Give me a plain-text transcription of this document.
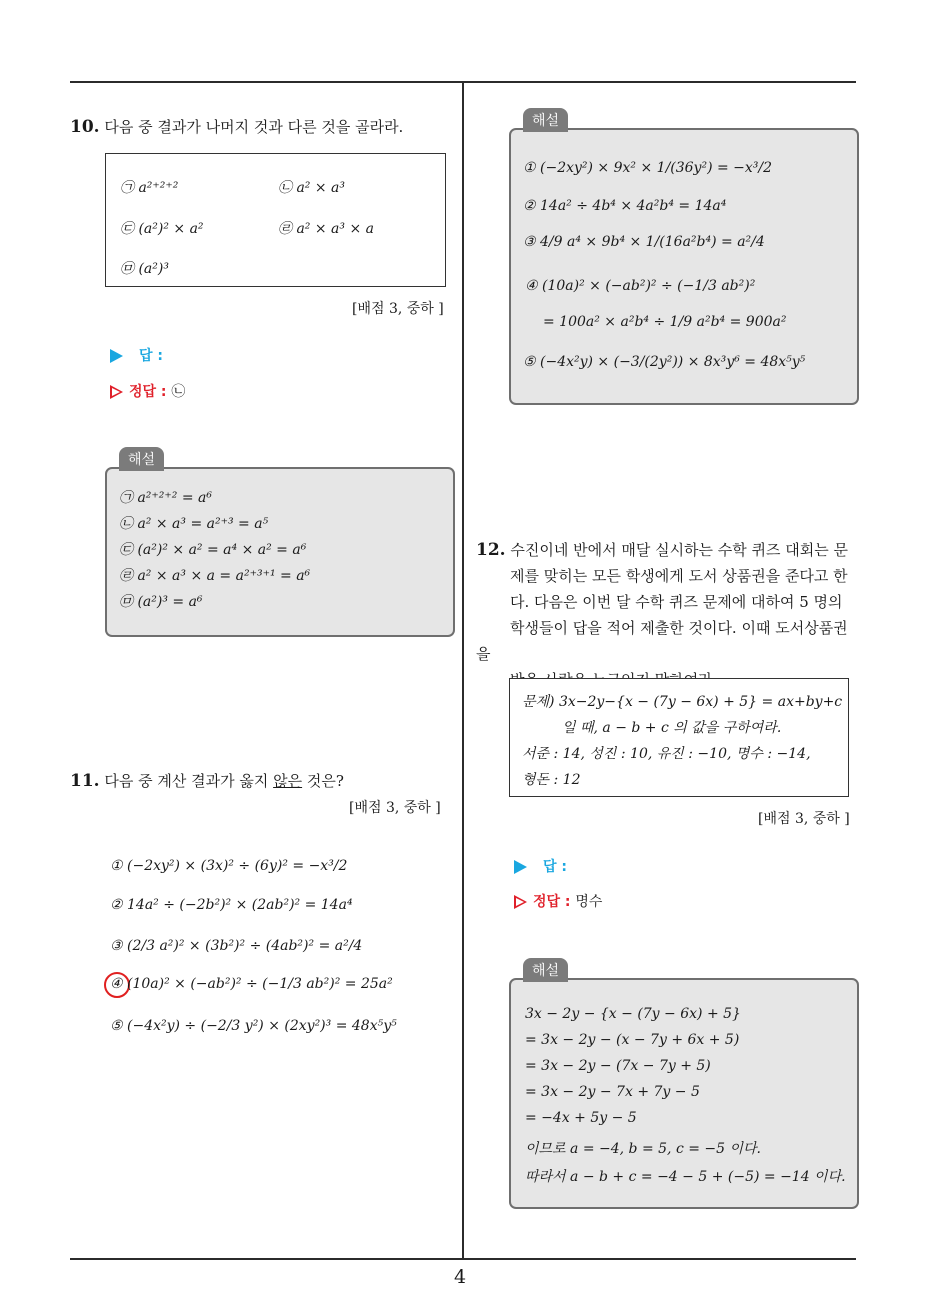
4
10. 다음 중 결과가 나머지 것과 다른 것을 골라라.
㉠ a²⁺²⁺²	㉡ a² × a³
㉢ (a²)² × a²	㉣ a² × a³ × a
㉤ (a²)³
[배점 3, 중하 ]
답 :
정답 : ㉡
해설
㉠ a²⁺²⁺² = a⁶
㉡ a² × a³ = a²⁺³ = a⁵
㉢ (a²)² × a² = a⁴ × a² = a⁶
㉣ a² × a³ × a = a²⁺³⁺¹ = a⁶
㉤ (a²)³ = a⁶
11. 다음 중 계산 결과가 옳지 않은 것은?
[배점 3, 중하 ]
① (−2xy²) × (3x)² ÷ (6y)² = −x³/2
② 14a² ÷ (−2b²)² × (2ab²)² = 14a⁴
③ (2/3 a²)² × (3b²)² ÷ (4ab²)² = a²/4
④ (10a)² × (−ab²)² ÷ (−1/3 ab²)² = 25a²
⑤ (−4x²y) ÷ (−2/3 y²) × (2xy²)³ = 48x⁵y⁵
해설
① (−2xy²) × 9x² × 1/(36y²) = −x³/2
② 14a² ÷ 4b⁴ × 4a²b⁴ = 14a⁴
③ 4/9 a⁴ × 9b⁴ × 1/(16a²b⁴) = a²/4
④ (10a)² × (−ab²)² ÷ (−1/3 ab²)²
= 100a² × a²b⁴ ÷ 1/9 a²b⁴ = 900a²
⑤ (−4x²y) × (−3/(2y²)) × 8x³y⁶ = 48x⁵y⁵
12. 수진이네 반에서 매달 실시하는 수학 퀴즈 대회는 문
제를 맞히는 모든 학생에게 도서 상품권을 준다고 한
다. 다음은 이번 달 수학 퀴즈 문제에 대하여 5 명의
학생들이 답을 적어 제출한 것이다. 이때 도서상품권을

문제) 3x−2y−{x − (7y − 6x) + 5} = ax+by+c
일 때, a − b + c 의 값을 구하여라.
서준 : 14, 성진 : 10, 유진 : −10, 명수 : −14,
형돈 : 12
[배점 3, 중하 ]
답 :
정답 : 명수
해설
3x − 2y − {x − (7y − 6x) + 5}
= 3x − 2y − (x − 7y + 6x + 5)
= 3x − 2y − (7x − 7y + 5)
= 3x − 2y − 7x + 7y − 5
= −4x + 5y − 5
이므로 a = −4, b = 5, c = −5 이다.
따라서 a − b + c = −4 − 5 + (−5) = −14 이다.
